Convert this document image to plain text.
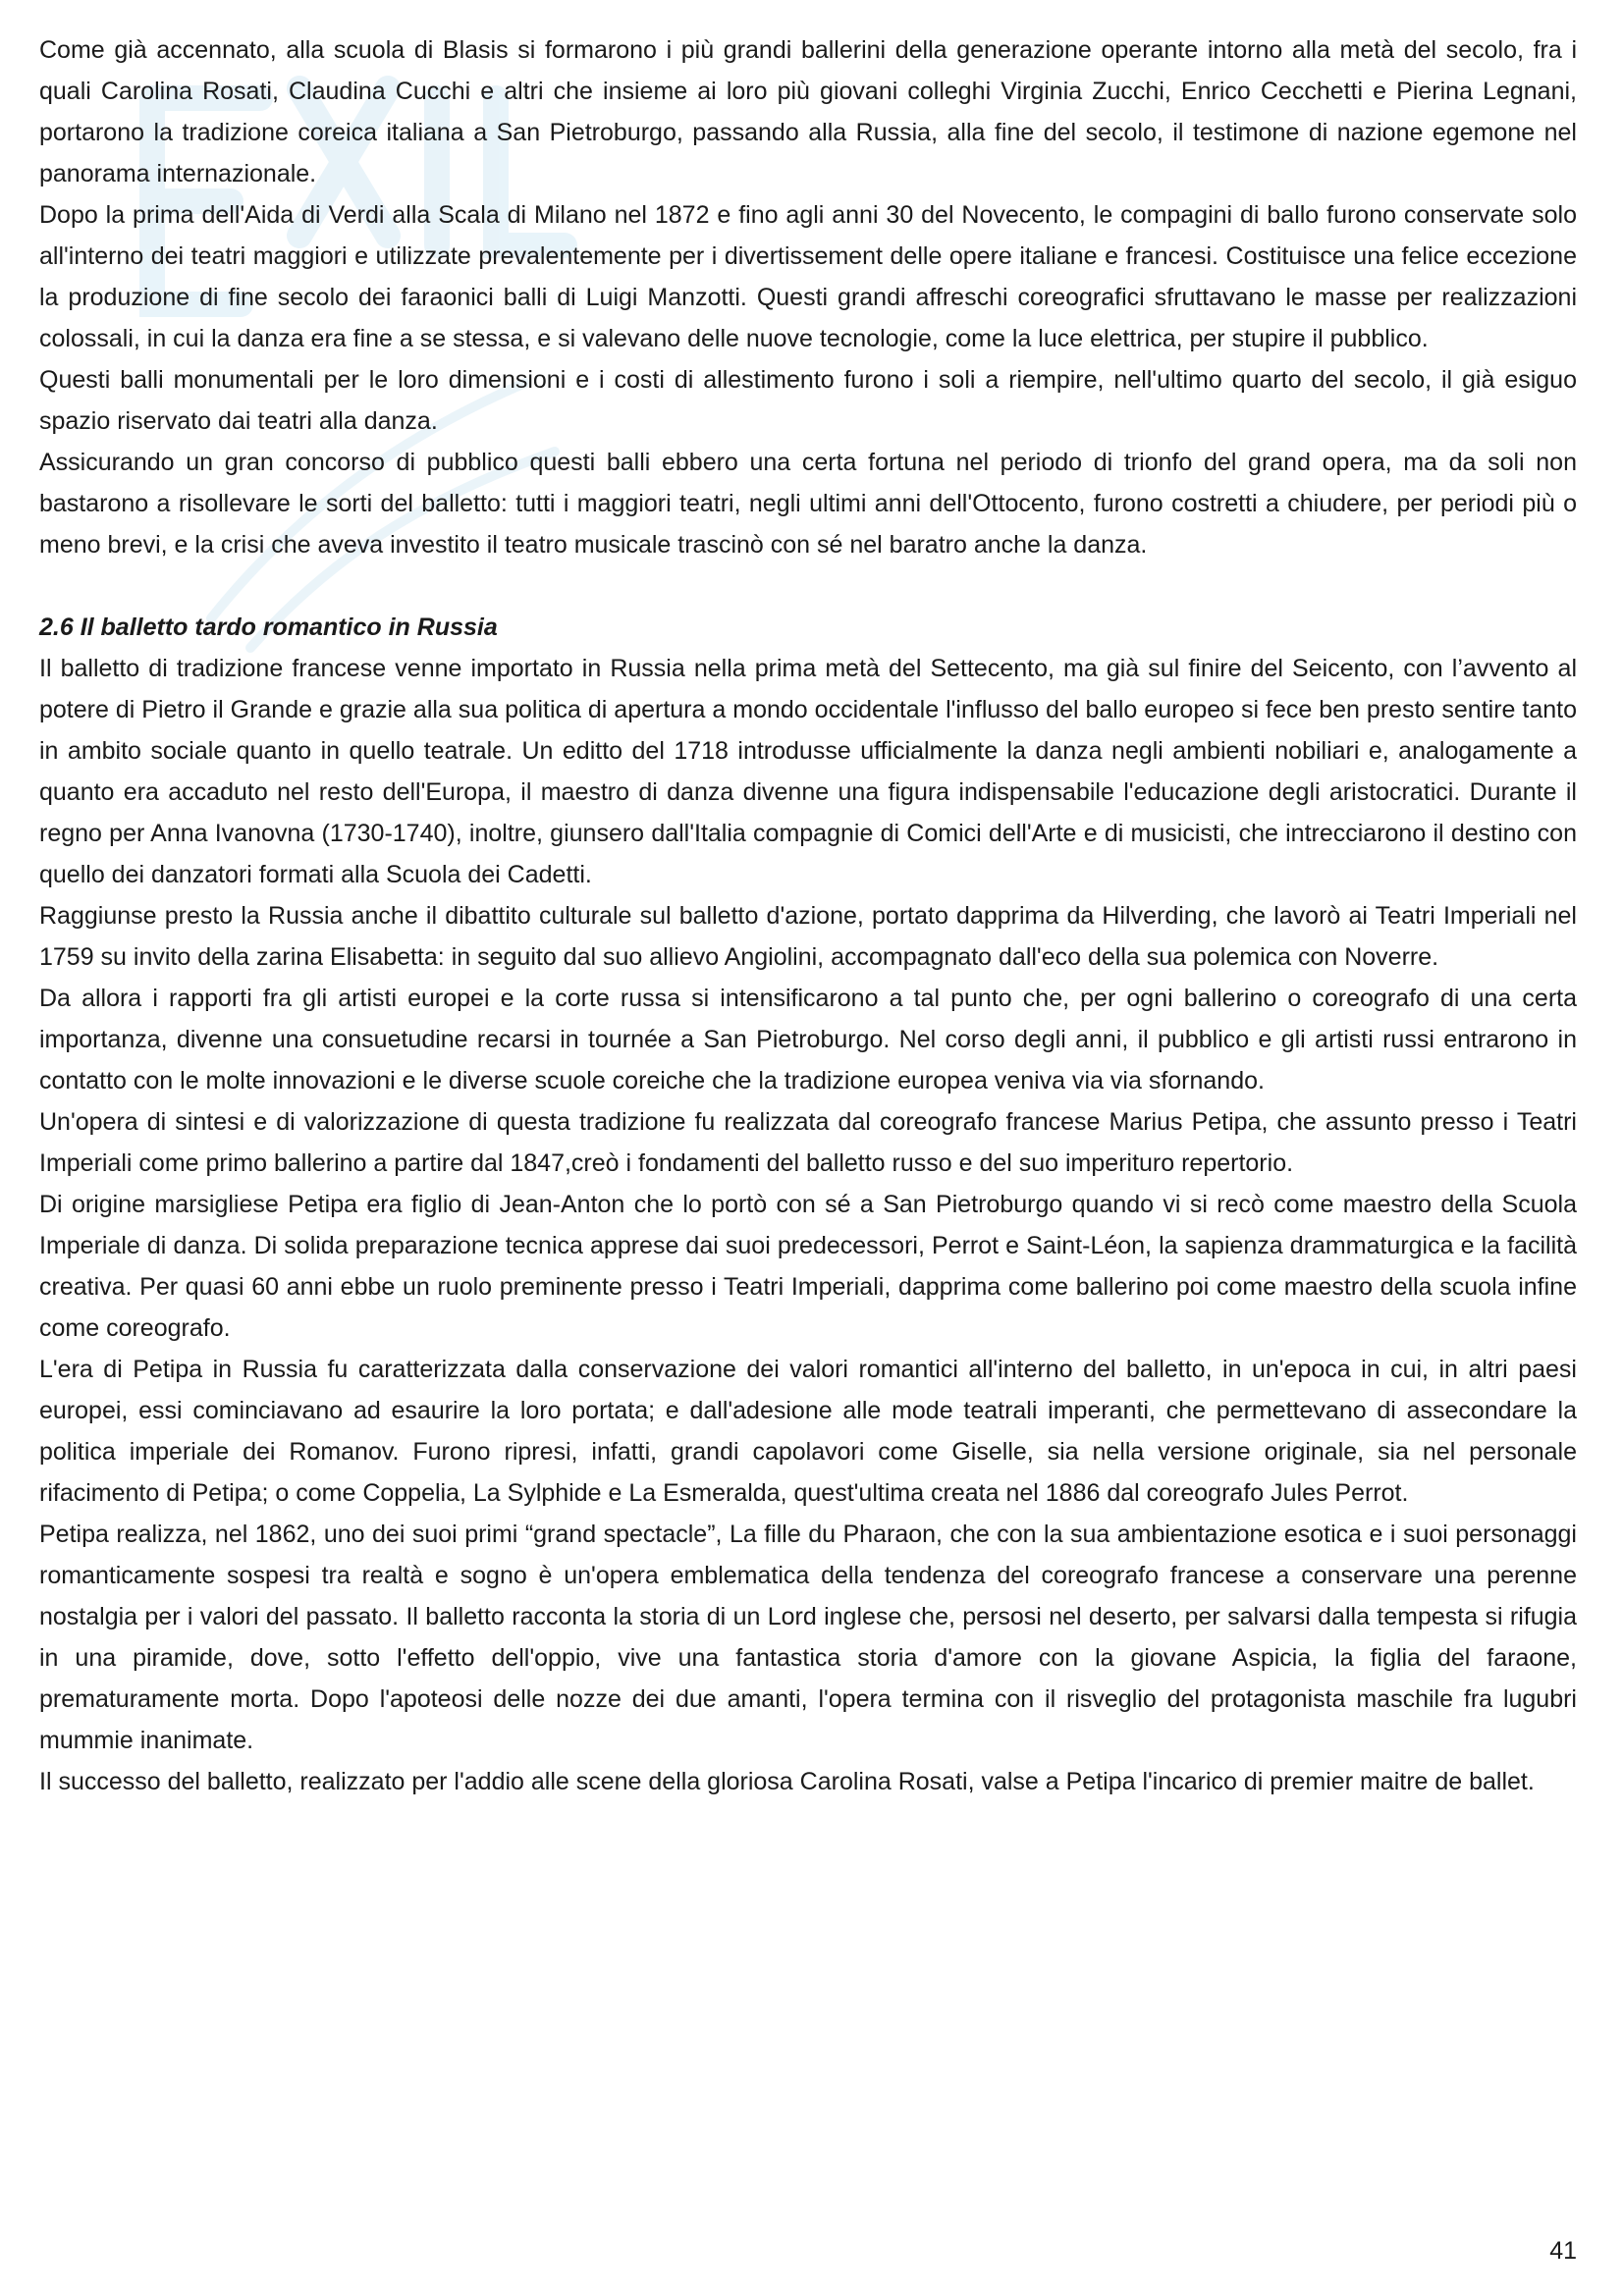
Come già accennato, alla scuola di Blasis si formarono i più grandi ballerini della generazione operante intorno alla metà del secolo, fra i quali Carolina Rosati, Claudina Cucchi e altri che insieme ai loro più giovani colleghi Virginia Zucchi, Enrico Cecchetti e Pierina Legnani, portarono la tradizione coreica italiana a San Pietroburgo, passando alla Russia, alla fine del secolo, il testimone di nazione egemone nel panorama internazionale.

Dopo la prima dell'Aida di Verdi alla Scala di Milano nel 1872 e fino agli anni 30 del Novecento, le compagini di ballo furono conservate solo all'interno dei teatri maggiori e utilizzate prevalentemente per i divertissement delle opere italiane e francesi. Costituisce una felice eccezione la produzione di fine secolo dei faraonici balli di Luigi Manzotti. Questi grandi affreschi coreografici sfruttavano le masse per realizzazioni colossali, in cui la danza era fine a se stessa, e si valevano delle nuove tecnologie, come la luce elettrica, per stupire il pubblico.

Questi balli monumentali per le loro dimensioni e i costi di allestimento furono i soli a riempire, nell'ultimo quarto del secolo, il già esiguo spazio riservato dai teatri alla danza.

Assicurando un gran concorso di pubblico questi balli ebbero una certa fortuna nel periodo di trionfo del grand opera, ma da soli non bastarono a risollevare le sorti del balletto: tutti i maggiori teatri, negli ultimi anni dell'Ottocento, furono costretti a chiudere, per periodi più o meno brevi, e la crisi che aveva investito il teatro musicale trascinò con sé nel baratro anche la danza.

2.6 Il balletto tardo romantico in Russia

Il balletto di tradizione francese venne importato in Russia nella prima metà del Settecento, ma già sul finire del Seicento, con l’avvento al potere di Pietro il Grande e grazie alla sua politica di apertura a mondo occidentale l'influsso del ballo europeo si fece ben presto sentire tanto in ambito sociale quanto in quello teatrale. Un editto del 1718 introdusse ufficialmente la danza negli ambienti nobiliari e, analogamente a quanto era accaduto nel resto dell'Europa, il maestro di danza divenne una figura indispensabile l'educazione degli aristocratici. Durante il regno per Anna Ivanovna (1730-1740), inoltre, giunsero dall'Italia compagnie di Comici dell'Arte e di musicisti, che intrecciarono il destino con quello dei danzatori formati alla Scuola dei Cadetti.

Raggiunse presto la Russia anche il dibattito culturale sul balletto d'azione, portato dapprima da Hilverding, che lavorò ai Teatri Imperiali nel 1759 su invito della zarina Elisabetta: in seguito dal suo allievo Angiolini, accompagnato dall'eco della sua polemica con Noverre.

Da allora i rapporti fra gli artisti europei e la corte russa si intensificarono a tal punto che, per ogni ballerino o coreografo di una certa importanza, divenne una consuetudine recarsi in tournée a San Pietroburgo. Nel corso degli anni, il pubblico e gli artisti russi entrarono in contatto con le molte innovazioni e le diverse scuole coreiche che la tradizione europea veniva via via sfornando.

Un'opera di sintesi e di valorizzazione di questa tradizione fu realizzata dal coreografo francese Marius Petipa, che assunto presso i Teatri Imperiali come primo ballerino a partire dal 1847,creò i fondamenti del balletto russo e del suo imperituro repertorio.

Di origine marsigliese Petipa era figlio di Jean-Anton che lo portò con sé a San Pietroburgo quando vi si recò come maestro della Scuola Imperiale di danza. Di solida preparazione tecnica apprese dai suoi predecessori, Perrot e Saint-Léon, la sapienza drammaturgica e la facilità creativa. Per quasi 60 anni ebbe un ruolo preminente presso i Teatri Imperiali, dapprima come ballerino poi come maestro della scuola infine come coreografo.

L'era di Petipa in Russia fu caratterizzata dalla conservazione dei valori romantici all'interno del balletto, in un'epoca in cui, in altri paesi europei, essi cominciavano ad esaurire la loro portata; e dall'adesione alle mode teatrali imperanti, che permettevano di assecondare la politica imperiale dei Romanov. Furono ripresi, infatti, grandi capolavori come Giselle, sia nella versione originale, sia nel personale rifacimento di Petipa; o come Coppelia, La Sylphide e La Esmeralda, quest'ultima creata nel 1886 dal coreografo Jules Perrot.

Petipa realizza, nel 1862, uno dei suoi primi “grand spectacle”, La fille du Pharaon, che con la sua ambientazione esotica e i suoi personaggi romanticamente sospesi tra realtà e sogno è un'opera emblematica della tendenza del coreografo francese a conservare una perenne nostalgia per i valori del passato. Il balletto racconta la storia di un Lord inglese che, persosi nel deserto, per salvarsi dalla tempesta si rifugia in una piramide, dove, sotto l'effetto dell'oppio, vive una fantastica storia d'amore con la giovane Aspicia, la figlia del faraone, prematuramente morta. Dopo l'apoteosi delle nozze dei due amanti, l'opera termina con il risveglio del protagonista maschile fra lugubri mummie inanimate.

Il successo del balletto, realizzato per l'addio alle scene della gloriosa Carolina Rosati, valse a Petipa l'incarico di premier maitre de ballet.

41
